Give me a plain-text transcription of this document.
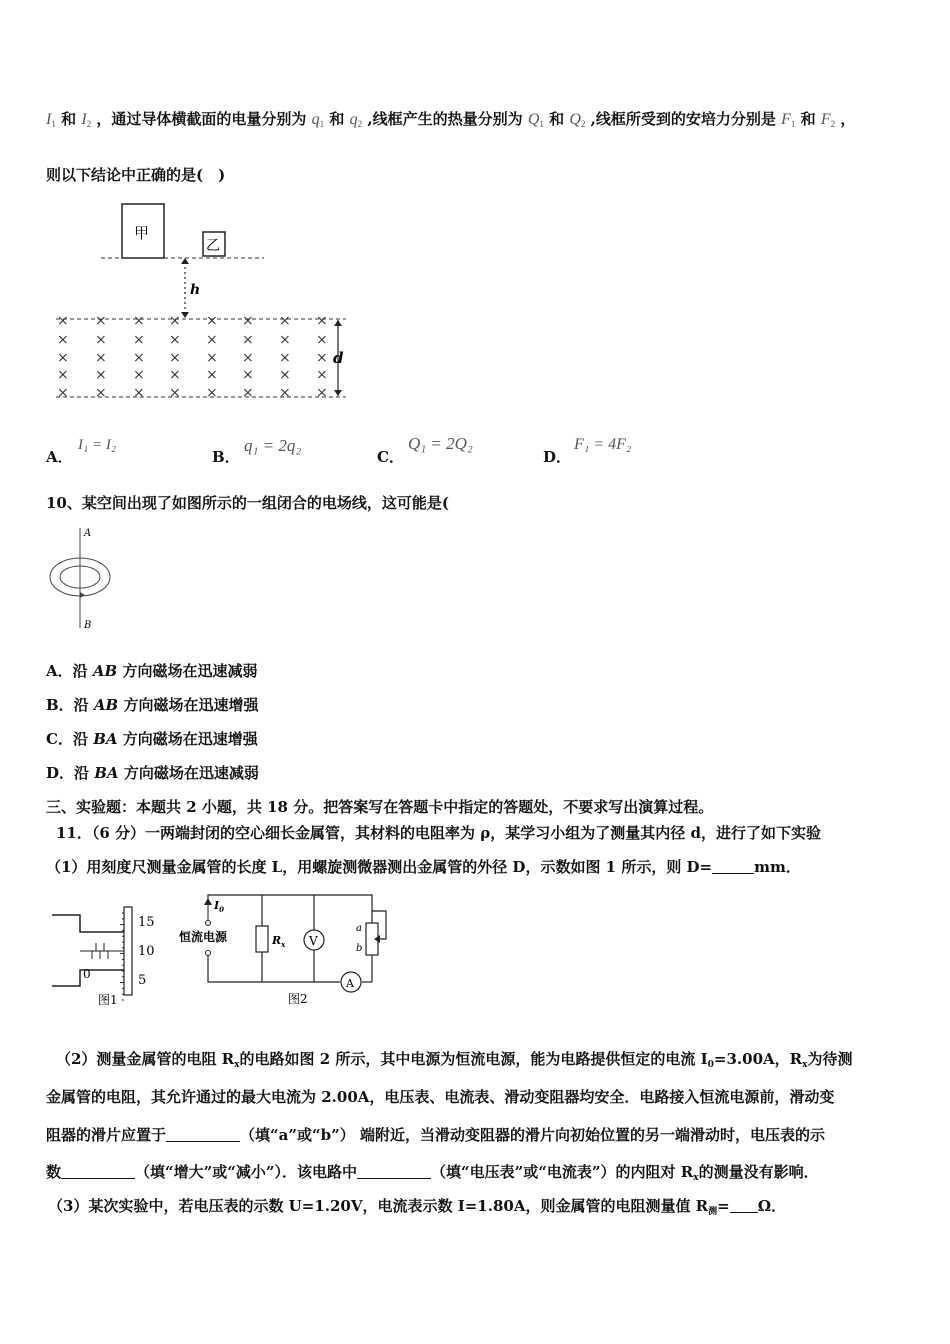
$I_1$ 和 $I_2$ ，通过导体横截面的电量分别为 $q_1$ 和 $q_2$ ,线框产生的热量分别为 $Q_1$ 和 $Q_2$ ,线框所受到的安培力分别是 $F_1$ 和 $F_2$ ，
则以下结论中正确的是(　)
甲
乙
h
× × × × × × × ×
× × × × × × × ×
× × × × × × × ×
× × × × × × × ×
× × × × × × × ×
d
A．
I₁ = I₂
B．
q₁ = 2q₂
C．
Q₁ = 2Q₂
D．
F₁ = 4F₂
10、某空间出现了如图所示的一组闭合的电场线，这可能是(
A
B
A．沿 AB 方向磁场在迅速减弱
B．沿 AB 方向磁场在迅速增强
C．沿 BA 方向磁场在迅速增强
D．沿 BA 方向磁场在迅速减弱
三、实验题：本题共 2 小题，共 18 分。把答案写在答题卡中指定的答题处，不要求写出演算过程。
11．（6 分）一两端封闭的空心细长金属管，其材料的电阻率为 ρ，某学习小组为了测量其内径 d，进行了如下实验
（1）用刻度尺测量金属管的长度 L，用螺旋测微器测出金属管的外径 D，示数如图 1 所示，则 D=	mm．
15
10
5
0
图1
恒流电源
$I_0$
$R_x$ V
a
b
A
图2
（2）测量金属管的电阻 $R_x$的电路如图 2 所示，其中电源为恒流电源，能为电路提供恒定的电流 $I_0=3.00A$，$R_x$为待测
金属管的电阻，其允许通过的最大电流为 2.00A，电压表、电流表、滑动变阻器均安全．电路接入恒流电源前，滑动变
阻器的滑片应置于	（填“a”或“b”） 端附近，当滑动变阻器的滑片向初始位置的另一端滑动时，电压表的示
数	（填“增大”或“减小”）．该电路中	（填“电压表”或“电流表”）的内阻对 $R_x$的测量没有影响．
（3）某次实验中，若电压表的示数 U=1.20V，电流表示数 I=1.80A，则金属管的电阻测量值 $R_测= \Omega$．
